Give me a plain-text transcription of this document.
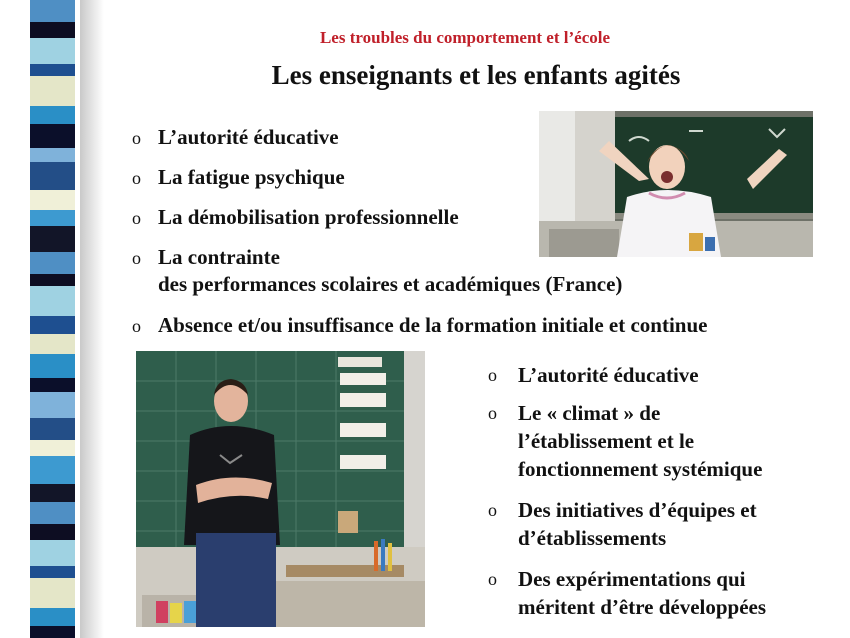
Les troubles du comportement et l’école
Les enseignants et les enfants agités
o L’autorité éducative
o La fatigue psychique
o La démobilisation professionnelle
o La contrainte
des performances scolaires et académiques (France)
o Absence et/ou insuffisance de la formation initiale et continue
o L’autorité éducative
o Le « climat » de
l’établissement et le
fonctionnement systémique
o Des initiatives d’équipes et
d’établissements
o Des expérimentations qui
méritent d’être développées
